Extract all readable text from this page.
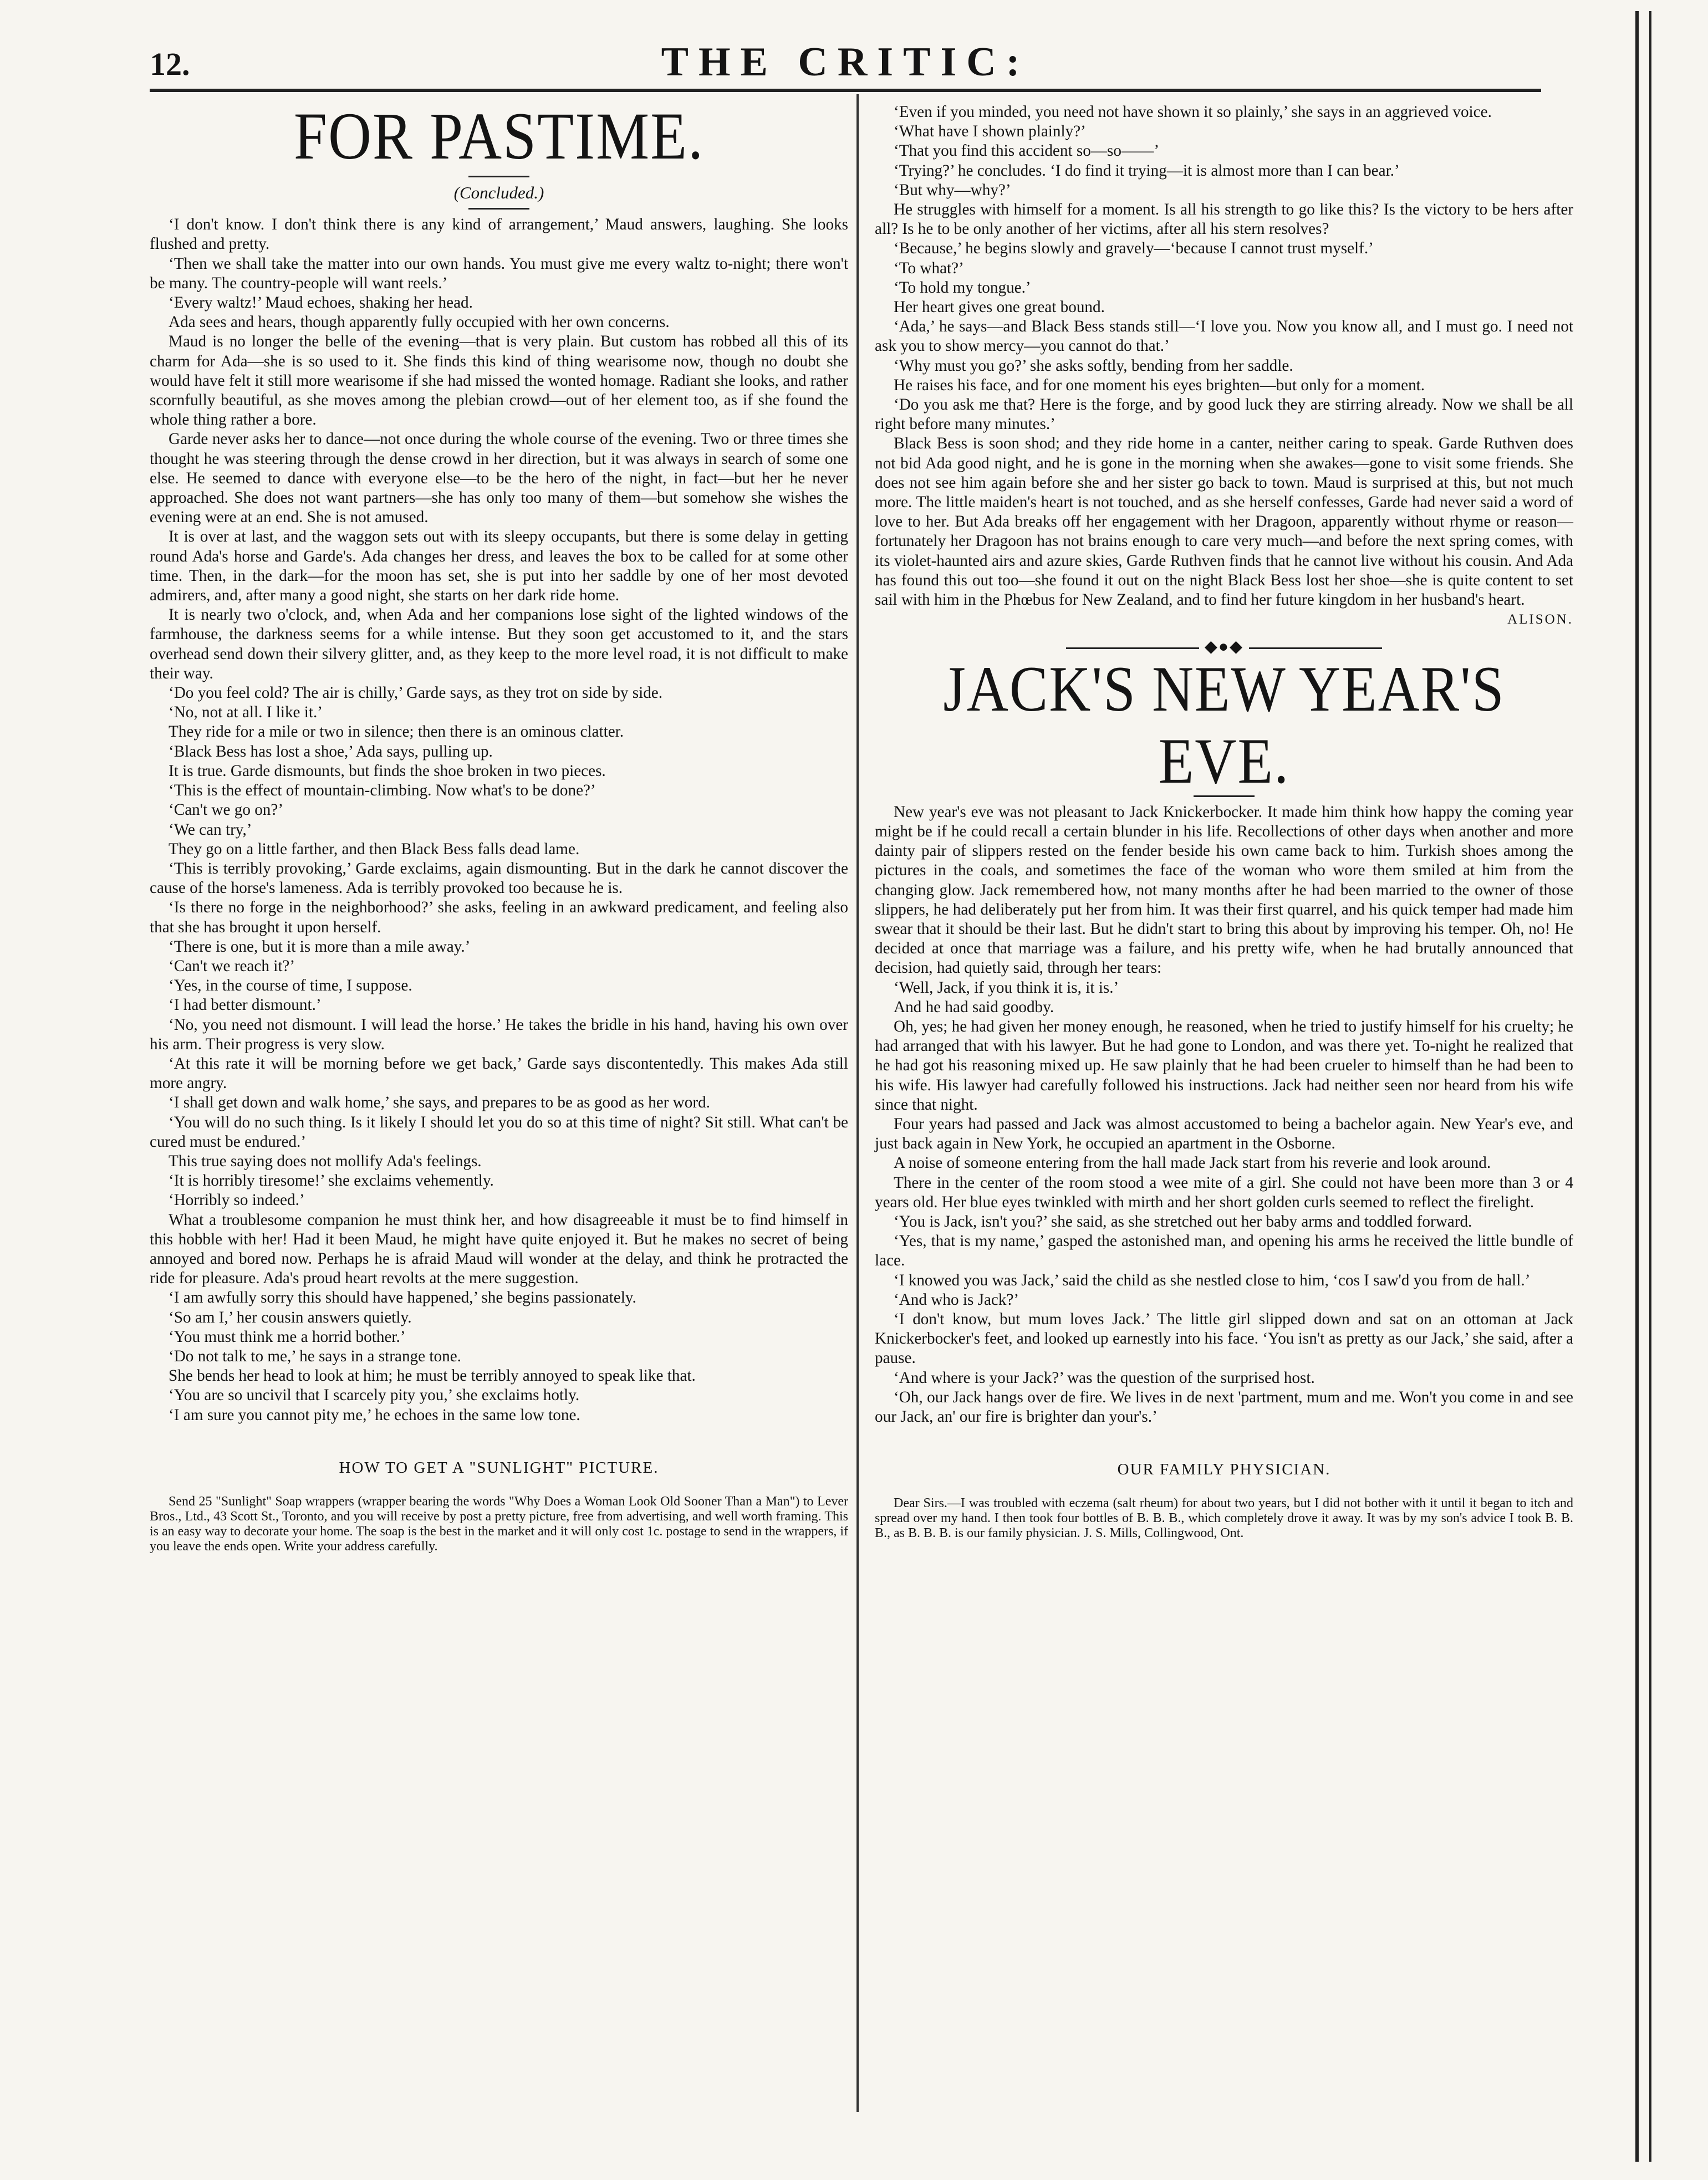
12.	THE CRITIC:
FOR PASTIME.
(Concluded.)

‘I don't know. I don't think there is any kind of arrangement,’ Maud answers, laughing. She looks flushed and pretty.

‘Then we shall take the matter into our own hands. You must give me every waltz to-night; there won't be many. The country-people will want reels.’

‘Every waltz!’ Maud echoes, shaking her head.

Ada sees and hears, though apparently fully occupied with her own concerns.

Maud is no longer the belle of the evening—that is very plain. But custom has robbed all this of its charm for Ada—she is so used to it. She finds this kind of thing wearisome now, though no doubt she would have felt it still more wearisome if she had missed the wonted homage. Radiant she looks, and rather scornfully beautiful, as she moves among the plebian crowd—out of her element too, as if she found the whole thing rather a bore.

Garde never asks her to dance—not once during the whole course of the evening. Two or three times she thought he was steering through the dense crowd in her direction, but it was always in search of some one else. He seemed to dance with everyone else—to be the hero of the night, in fact—but her he never approached. She does not want partners—she has only too many of them—but somehow she wishes the evening were at an end. She is not amused.

It is over at last, and the waggon sets out with its sleepy occupants, but there is some delay in getting round Ada's horse and Garde's. Ada changes her dress, and leaves the box to be called for at some other time. Then, in the dark—for the moon has set, she is put into her saddle by one of her most devoted admirers, and, after many a good night, she starts on her dark ride home.

It is nearly two o'clock, and, when Ada and her companions lose sight of the lighted windows of the farmhouse, the darkness seems for a while intense. But they soon get accustomed to it, and the stars overhead send down their silvery glitter, and, as they keep to the more level road, it is not difficult to make their way.

‘Do you feel cold? The air is chilly,’ Garde says, as they trot on side by side.

‘No, not at all. I like it.’

They ride for a mile or two in silence; then there is an ominous clatter.

‘Black Bess has lost a shoe,’ Ada says, pulling up.

It is true. Garde dismounts, but finds the shoe broken in two pieces.

‘This is the effect of mountain-climbing. Now what's to be done?’

‘Can't we go on?’

‘We can try,’

They go on a little farther, and then Black Bess falls dead lame.

‘This is terribly provoking,’ Garde exclaims, again dismounting. But in the dark he cannot discover the cause of the horse's lameness. Ada is terribly provoked too because he is.

‘Is there no forge in the neighborhood?’ she asks, feeling in an awkward predicament, and feeling also that she has brought it upon herself.

‘There is one, but it is more than a mile away.’

‘Can't we reach it?’

‘Yes, in the course of time, I suppose.

‘I had better dismount.’

‘No, you need not dismount. I will lead the horse.’ He takes the bridle in his hand, having his own over his arm. Their progress is very slow.

‘At this rate it will be morning before we get back,’ Garde says discontentedly. This makes Ada still more angry.

‘I shall get down and walk home,’ she says, and prepares to be as good as her word.

‘You will do no such thing. Is it likely I should let you do so at this time of night? Sit still. What can't be cured must be endured.’

This true saying does not mollify Ada's feelings.

‘It is horribly tiresome!’ she exclaims vehemently.

‘Horribly so indeed.’

What a troublesome companion he must think her, and how disagreeable it must be to find himself in this hobble with her! Had it been Maud, he might have quite enjoyed it. But he makes no secret of being annoyed and bored now. Perhaps he is afraid Maud will wonder at the delay, and think he protracted the ride for pleasure. Ada's proud heart revolts at the mere suggestion.

‘I am awfully sorry this should have happened,’ she begins passionately.

‘So am I,’ her cousin answers quietly.

‘You must think me a horrid bother.’

‘Do not talk to me,’ he says in a strange tone.

She bends her head to look at him; he must be terribly annoyed to speak like that.

‘You are so uncivil that I scarcely pity you,’ she exclaims hotly.

‘I am sure you cannot pity me,’ he echoes in the same low tone.

HOW TO GET A "SUNLIGHT" PICTURE.
Send 25 "Sunlight" Soap wrappers (wrapper bearing the words "Why Does a Woman Look Old Sooner Than a Man") to Lever Bros., Ltd., 43 Scott St., Toronto, and you will receive by post a pretty picture, free from advertising, and well worth framing. This is an easy way to decorate your home. The soap is the best in the market and it will only cost 1c. postage to send in the wrappers, if you leave the ends open. Write your address carefully.

‘Even if you minded, you need not have shown it so plainly,’ she says in an aggrieved voice.

‘What have I shown plainly?’

‘That you find this accident so—so——’

‘Trying?’ he concludes. ‘I do find it trying—it is almost more than I can bear.’

‘But why—why?’

He struggles with himself for a moment. Is all his strength to go like this? Is the victory to be hers after all? Is he to be only another of her victims, after all his stern resolves?

‘Because,’ he begins slowly and gravely—‘because I cannot trust myself.’

‘To what?’

‘To hold my tongue.’

Her heart gives one great bound.

‘Ada,’ he says—and Black Bess stands still—‘I love you. Now you know all, and I must go. I need not ask you to show mercy—you cannot do that.’

‘Why must you go?’ she asks softly, bending from her saddle.

He raises his face, and for one moment his eyes brighten—but only for a moment.

‘Do you ask me that? Here is the forge, and by good luck they are stirring already. Now we shall be all right before many minutes.’

Black Bess is soon shod; and they ride home in a canter, neither caring to speak. Garde Ruthven does not bid Ada good night, and he is gone in the morning when she awakes—gone to visit some friends. She does not see him again before she and her sister go back to town. Maud is surprised at this, but not much more. The little maiden's heart is not touched, and as she herself confesses, Garde had never said a word of love to her. But Ada breaks off her engagement with her Dragoon, apparently without rhyme or reason—fortunately her Dragoon has not brains enough to care very much—and before the next spring comes, with its violet-haunted airs and azure skies, Garde Ruthven finds that he cannot live without his cousin. And Ada has found this out too—she found it out on the night Black Bess lost her shoe—she is quite content to set sail with him in the Phœbus for New Zealand, and to find her future kingdom in her husband's heart.

ALISON.
◆●◆
JACK'S NEW YEAR'S EVE.

New year's eve was not pleasant to Jack Knickerbocker. It made him think how happy the coming year might be if he could recall a certain blunder in his life. Recollections of other days when another and more dainty pair of slippers rested on the fender beside his own came back to him. Turkish shoes among the pictures in the coals, and sometimes the face of the woman who wore them smiled at him from the changing glow. Jack remembered how, not many months after he had been married to the owner of those slippers, he had deliberately put her from him. It was their first quarrel, and his quick temper had made him swear that it should be their last. But he didn't start to bring this about by improving his temper. Oh, no! He decided at once that marriage was a failure, and his pretty wife, when he had brutally announced that decision, had quietly said, through her tears:

‘Well, Jack, if you think it is, it is.’

And he had said goodby.

Oh, yes; he had given her money enough, he reasoned, when he tried to justify himself for his cruelty; he had arranged that with his lawyer. But he had gone to London, and was there yet. To-night he realized that he had got his reasoning mixed up. He saw plainly that he had been crueler to himself than he had been to his wife. His lawyer had carefully followed his instructions. Jack had neither seen nor heard from his wife since that night.

Four years had passed and Jack was almost accustomed to being a bachelor again. New Year's eve, and just back again in New York, he occupied an apartment in the Osborne.

A noise of someone entering from the hall made Jack start from his reverie and look around.

There in the center of the room stood a wee mite of a girl. She could not have been more than 3 or 4 years old. Her blue eyes twinkled with mirth and her short golden curls seemed to reflect the firelight.

‘You is Jack, isn't you?’ she said, as she stretched out her baby arms and toddled forward.

‘Yes, that is my name,’ gasped the astonished man, and opening his arms he received the little bundle of lace.

‘I knowed you was Jack,’ said the child as she nestled close to him, ‘cos I saw'd you from de hall.’

‘And who is Jack?’

‘I don't know, but mum loves Jack.’ The little girl slipped down and sat on an ottoman at Jack Knickerbocker's feet, and looked up earnestly into his face. ‘You isn't as pretty as our Jack,’ she said, after a pause.

‘And where is your Jack?’ was the question of the surprised host.

‘Oh, our Jack hangs over de fire. We lives in de next 'partment, mum and me. Won't you come in and see our Jack, an' our fire is brighter dan your's.’

OUR FAMILY PHYSICIAN.
Dear Sirs.—I was troubled with eczema (salt rheum) for about two years, but I did not bother with it until it began to itch and spread over my hand. I then took four bottles of B. B. B., which completely drove it away. It was by my son's advice I took B. B. B., as B. B. B. is our family physician. J. S. Mills, Collingwood, Ont.
